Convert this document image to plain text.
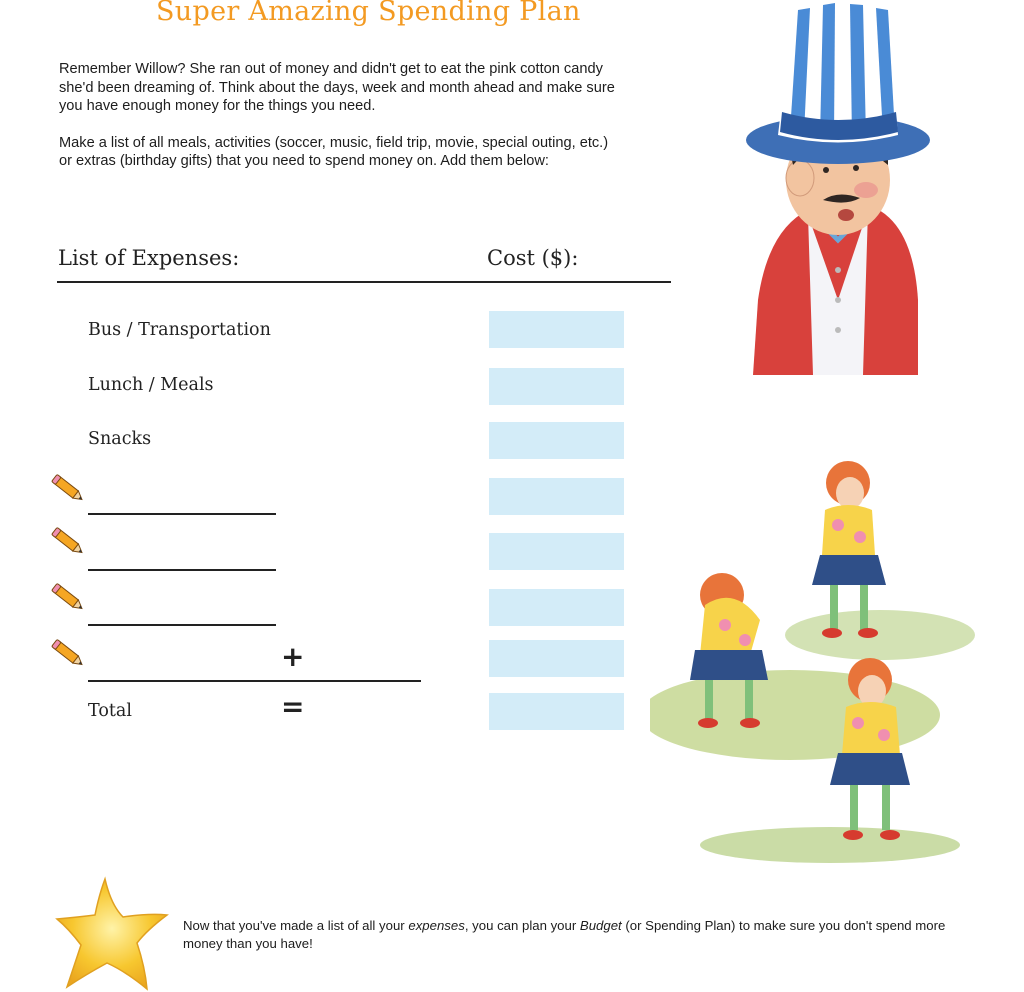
Super Amazing Spending Plan

Remember Willow? She ran out of money and didn't get to eat the pink cotton candy
she'd been dreaming of. Think about the days, week and month ahead and make sure
you have enough money for the things you need.

Make a list of all meals, activities (soccer, music, field trip, movie, special outing, etc.)
or extras (birthday gifts) that you need to spend money on. Add them below:

List of Expenses:	Cost ($):
Bus / Transportation
Lunch / Meals
Snacks
+
=
Total
Now that you've made a list of all your expenses, you can plan your Budget (or Spending Plan) to make sure you don't spend more money than you have!
